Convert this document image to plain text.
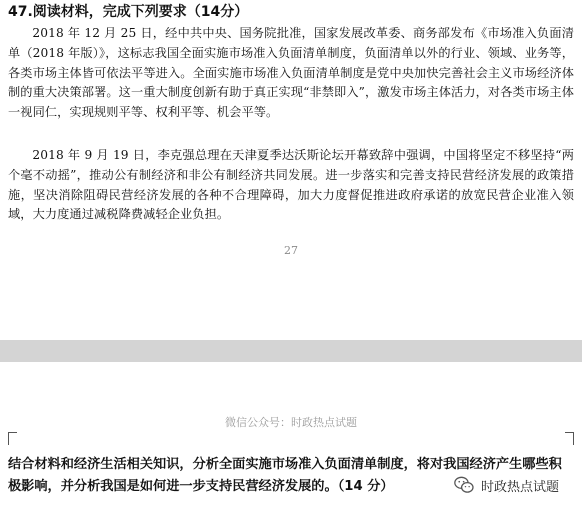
47.阅读材料，完成下列要求（14分）

2018 年 12 月 25 日，经中共中央、国务院批准，国家发展改革委、商务部发布《市场准入负面清单（2018 年版）》，这标志我国全面实施市场准入负面清单制度，负面清单以外的行业、领域、业务等，各类市场主体皆可依法平等进入。全面实施市场准入负面清单制度是党中央加快完善社会主义市场经济体制的重大决策部署。这一重大制度创新有助于真正实现“非禁即入”，激发市场主体活力，对各类市场主体一视同仁，实现规则平等、权利平等、机会平等。

2018 年 9 月 19 日，李克强总理在天津夏季达沃斯论坛开幕致辞中强调，中国将坚定不移坚持“两个毫不动摇”，推动公有制经济和非公有制经济共同发展。进一步落实和完善支持民营经济发展的政策措施，坚决消除阻碍民营经济发展的各种不合理障碍，加大力度督促推进政府承诺的放宽民营企业准入领域，大力度通过减税降费减轻企业负担。

27
微信公众号：时政热点试题

结合材料和经济生活相关知识，分析全面实施市场准入负面清单制度，将对我国经济产生哪些积极影响，并分析我国是如何进一步支持民营经济发展的。（14 分）	时政热点试题
